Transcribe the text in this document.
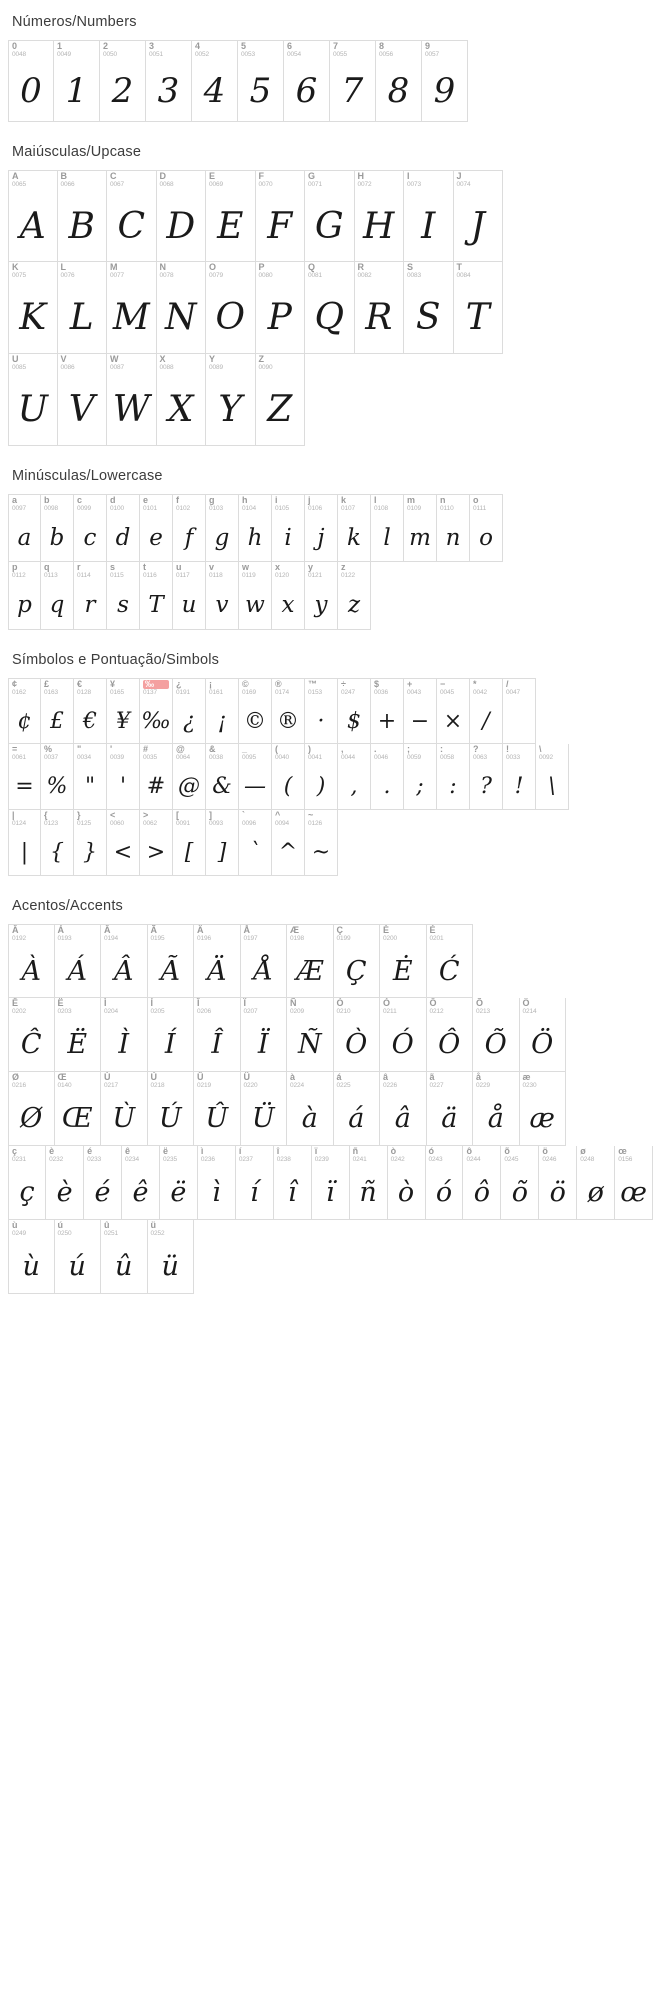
Números/Numbers
0
0048
0
1
0049
1
2
0050
2
3
0051
3
4
0052
4
5
0053
5
6
0054
6
7
0055
7
8
0056
8
9
0057
9
Maiúsculas/Upcase
A
0065
A
B
0066
B
C
0067
C
D
0068
D
E
0069
E
F
0070
F
G
0071
G
H
0072
H
I
0073
I
J
0074
J
K
0075
K
L
0076
L
M
0077
M
N
0078
N
O
0079
O
P
0080
P
Q
0081
Q
R
0082
R
S
0083
S
T
0084
T
U
0085
U
V
0086
V
W
0087
W
X
0088
X
Y
0089
Y
Z
0090
Z
Minúsculas/Lowercase
a
0097
a
b
0098
b
c
0099
c
d
0100
d
e
0101
e
f
0102
f
g
0103
g
h
0104
h
i
0105
i
j
0106
j
k
0107
k
l
0108
l
m
0109
m
n
0110
n
o
0111
o
p
0112
p
q
0113
q
r
0114
r
s
0115
s
t
0116
T
u
0117
u
v
0118
v
w
0119
w
x
0120
x
y
0121
y
z
0122
z
Símbolos e Pontuação/Simbols
¢
0162
¢
£
0163
£
€
0128
€
¥
0165
¥
‰
0137
‰
¿
0191
¿
¡
0161
¡
©
0169
©
®
0174
®
™
0153
·
÷
0247
$
$
0036
+
+
0043
−
−
0045
×
*
0042
/
/
0047
=
0061
=
%
0037
%
"
0034
"
'
0039
'
#
0035
#
@
0064
@
&
0038
&
_
0095
—
(
0040
(
)
0041
)
,
0044
,
.
0046
.
;
0059
;
:
0058
:
?
0063
?
!
0033
!
\
0092
\
|
0124
|
{
0123
{
}
0125
}
<
0060
<
>
0062
>
[
0091
[
]
0093
]
`
0096
`
^
0094
^
~
0126
~
Acentos/Accents
Â
0192
À
Á
0193
Á
Â
0194
Â
Ã
0195
Ã
Ä
0196
Ä
Å
0197
Å
Æ
0198
Æ
Ç
0199
Ç
È
0200
Ė
É
0201
Ć
Ê
0202
Ĉ
Ë
0203
Ë
Ì
0204
Ì
Í
0205
Í
Î
0206
Î
Ï
0207
Ï
Ñ
0209
Ñ
Ò
0210
Ò
Ó
0211
Ó
Ô
0212
Ô
Õ
0213
Õ
Ö
0214
Ö
Ø
0216
Ø
Œ
0140
Œ
Ù
0217
Ù
Ú
0218
Ú
Û
0219
Û
Ü
0220
Ü
à
0224
à
á
0225
á
â
0226
â
ã
0227
ä
å
0229
å
æ
0230
æ
ç
0231
ç
è
0232
è
é
0233
é
ê
0234
ê
ë
0235
ë
ì
0236
ì
í
0237
í
î
0238
î
ï
0239
ï
ñ
0241
ñ
ò
0242
ò
ó
0243
ó
ô
0244
ô
õ
0245
õ
ö
0246
ö
ø
0248
ø
œ
0156
œ
ù
0249
ù
ú
0250
ú
û
0251
û
ü
0252
ü
